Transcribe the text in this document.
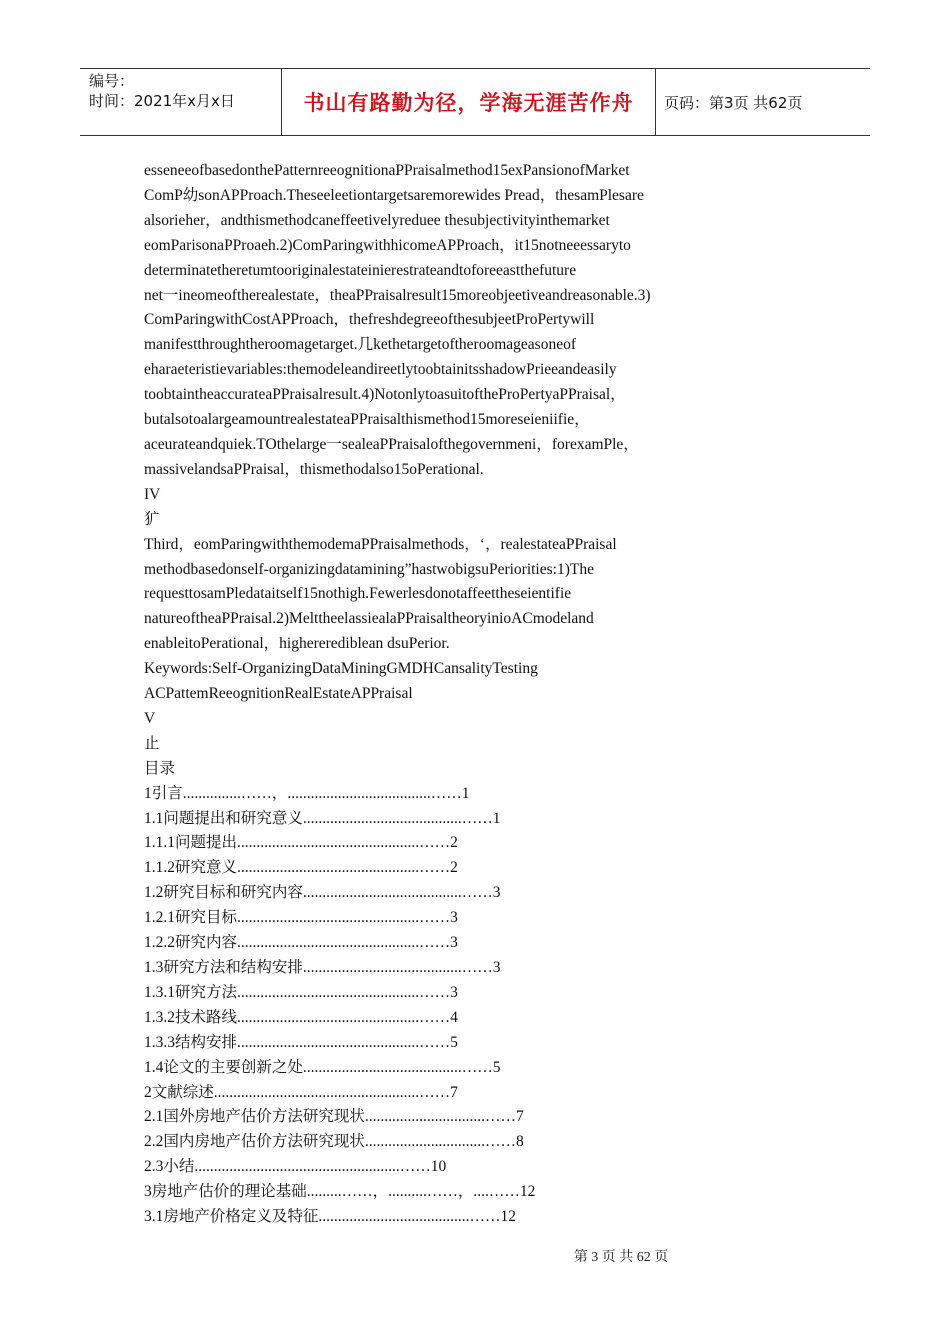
编号：
时间：2021年x月x日	书山有路勤为径，学海无涯苦作舟	页码：第3页 共62页
esseneeofbasedonthePatternreeognitionaPPraisalmethod15exPansionofMarket
ComP幼sonAPProach.Theseeleetiontargetsaremorewides Pread，thesamPlesare
alsorieher，andthismethodcaneffeetivelyreduee thesubjectivityinthemarket
eomParisonaPProaeh.2)ComParingwithhicomeAPProach，it15notneeessaryto
determinatetheretumtooriginalestateinierestrateandtoforeeastthefuture
net一ineomeoftherealestate，theaPPraisalresult15moreobjeetiveandreasonable.3)
ComParingwithCostAPProach，thefreshdegreeofthesubjeetProPertywill
manifestthroughtheroomagetarget.几kethetargetoftheroomageasoneof
eharaeteristievariables:themodeleandireetlytoobtainitsshadowPrieeandeasily
toobtaintheaccurateaPPraisalresult.4)NotonlytoasuitoftheProPertyaPPraisal，
butalsotoalargeamountrealestateaPPraisalthismethod15moreseieniifie，
aceurateandquiek.TOthelarge一sealeaPPraisalofthegovernmeni，forexamPle，
massivelandsaPPraisal，thismethodalso15oPerational.
IV
犷
Third，eomParingwiththemodemaPPraisalmethods，‘，realestateaPPraisal
methodbasedonself-organizingdatamining”hastwobigsuPeriorities:1)The
requesttosamPledataitself15nothigh.Fewerlesdonotaffeettheseientifie
natureoftheaPPraisal.2)MelttheelassiealaPPraisaltheoryinioACmodeland
enableitoPerational，highererediblean dsuPerior.
Keywords:Self-OrganizingDataMiningGMDHCansalityTesting
ACPattemReeognitionRealEstateAPPraisal
V
止
目录
1引言...............……，.....................................……1
1.1问题提出和研究意义.........................................……1
1.1.1问题提出...............................................……2
1.1.2研究意义...............................................……2
1.2研究目标和研究内容.........................................……3
1.2.1研究目标...............................................……3
1.2.2研究内容...............................................……3
1.3研究方法和结构安排.........................................……3
1.3.1研究方法...............................................……3
1.3.2技术路线...............................................……4
1.3.3结构安排...............................................……5
1.4论文的主要创新之处.........................................……5
2文献综述.....................................................……7
2.1国外房地产估价方法研究现状...............................……7
2.2国内房地产估价方法研究现状...............................……8
2.3小结.....................................................……10
3房地产估价的理论基础.........……，..........……，....……12
3.1房地产价格定义及特征.......................................……12
第 3 页 共 62 页
